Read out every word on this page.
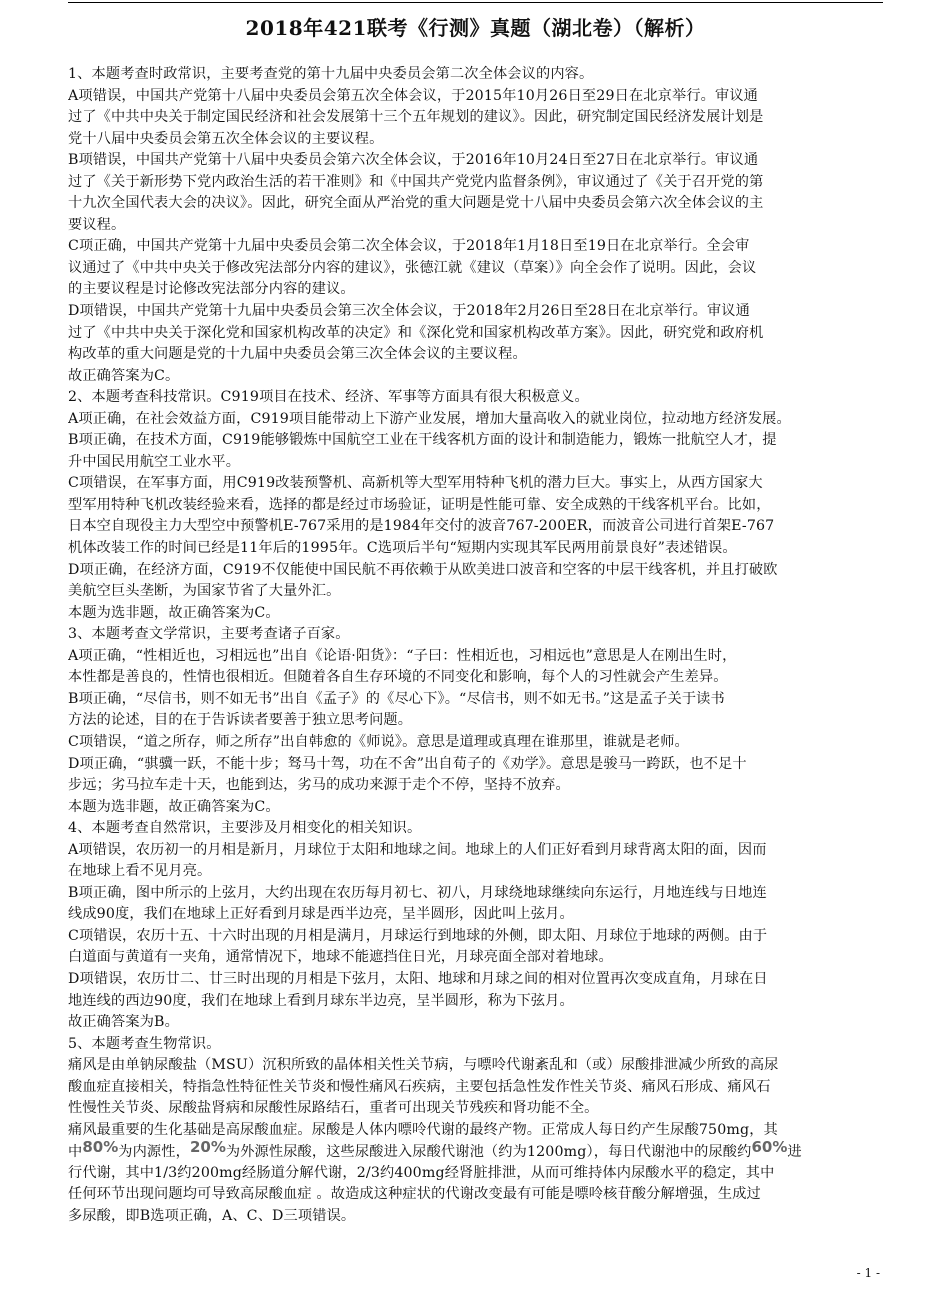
2018年421联考《行测》真题（湖北卷）（解析）
1、本题考查时政常识，主要考查党的第十九届中央委员会第二次全体会议的内容。
A项错误，中国共产党第十八届中央委员会第五次全体会议，于2015年10月26日至29日在北京举行。审议通
过了《中共中央关于制定国民经济和社会发展第十三个五年规划的建议》。因此，研究制定国民经济发展计划是
党十八届中央委员会第五次全体会议的主要议程。
B项错误，中国共产党第十八届中央委员会第六次全体会议，于2016年10月24日至27日在北京举行。审议通
过了《关于新形势下党内政治生活的若干准则》和《中国共产党党内监督条例》，审议通过了《关于召开党的第
十九次全国代表大会的决议》。因此，研究全面从严治党的重大问题是党十八届中央委员会第六次全体会议的主
要议程。
C项正确，中国共产党第十九届中央委员会第二次全体会议，于2018年1月18日至19日在北京举行。全会审
议通过了《中共中央关于修改宪法部分内容的建议》，张德江就《建议（草案）》向全会作了说明。因此，会议
的主要议程是讨论修改宪法部分内容的建议。
D项错误，中国共产党第十九届中央委员会第三次全体会议，于2018年2月26日至28日在北京举行。审议通
过了《中共中央关于深化党和国家机构改革的决定》和《深化党和国家机构改革方案》。因此，研究党和政府机
构改革的重大问题是党的十九届中央委员会第三次全体会议的主要议程。
故正确答案为C。
2、本题考查科技常识。C919项目在技术、经济、军事等方面具有很大积极意义。
A项正确，在社会效益方面，C919项目能带动上下游产业发展，增加大量高收入的就业岗位，拉动地方经济发展。
B项正确，在技术方面，C919能够锻炼中国航空工业在干线客机方面的设计和制造能力，锻炼一批航空人才，提
升中国民用航空工业水平。
C项错误，在军事方面，用C919改装预警机、高新机等大型军用特种飞机的潜力巨大。事实上，从西方国家大
型军用特种飞机改装经验来看，选择的都是经过市场验证，证明是性能可靠、安全成熟的干线客机平台。比如，
日本空自现役主力大型空中预警机E-767采用的是1984年交付的波音767-200ER，而波音公司进行首架E-767
机体改装工作的时间已经是11年后的1995年。C选项后半句“短期内实现其军民两用前景良好”表述错误。
D项正确，在经济方面，C919不仅能使中国民航不再依赖于从欧美进口波音和空客的中层干线客机，并且打破欧
美航空巨头垄断，为国家节省了大量外汇。
本题为选非题，故正确答案为C。
3、本题考查文学常识，主要考查诸子百家。
A项正确，“性相近也，习相远也”出自《论语·阳货》：“子曰：性相近也，习相远也”意思是人在刚出生时，
本性都是善良的，性情也很相近。但随着各自生存环境的不同变化和影响，每个人的习性就会产生差异。
B项正确，“尽信书，则不如无书”出自《孟子》的《尽心下》。“尽信书，则不如无书。”这是孟子关于读书
方法的论述，目的在于告诉读者要善于独立思考问题。
C项错误，“道之所存，师之所存”出自韩愈的《师说》。意思是道理或真理在谁那里，谁就是老师。
D项正确，“骐骥一跃，不能十步；驽马十驾，功在不舍”出自荀子的《劝学》。意思是骏马一跨跃，也不足十
步远；劣马拉车走十天，也能到达，劣马的成功来源于走个不停，坚持不放弃。
本题为选非题，故正确答案为C。
4、本题考查自然常识，主要涉及月相变化的相关知识。
A项错误，农历初一的月相是新月，月球位于太阳和地球之间。地球上的人们正好看到月球背离太阳的面，因而
在地球上看不见月亮。
B项正确，图中所示的上弦月，大约出现在农历每月初七、初八，月球绕地球继续向东运行，月地连线与日地连
线成90度，我们在地球上正好看到月球是西半边亮，呈半圆形，因此叫上弦月。
C项错误，农历十五、十六时出现的月相是满月，月球运行到地球的外侧，即太阳、月球位于地球的两侧。由于
白道面与黄道有一夹角，通常情况下，地球不能遮挡住日光，月球亮面全部对着地球。
D项错误，农历廿二、廿三时出现的月相是下弦月，太阳、地球和月球之间的相对位置再次变成直角，月球在日
地连线的西边90度，我们在地球上看到月球东半边亮，呈半圆形，称为下弦月。
故正确答案为B。
5、本题考查生物常识。
痛风是由单钠尿酸盐（MSU）沉积所致的晶体相关性关节病，与嘌呤代谢紊乱和（或）尿酸排泄减少所致的高尿
酸血症直接相关，特指急性特征性关节炎和慢性痛风石疾病，主要包括急性发作性关节炎、痛风石形成、痛风石
性慢性关节炎、尿酸盐肾病和尿酸性尿路结石，重者可出现关节残疾和肾功能不全。
痛风最重要的生化基础是高尿酸血症。尿酸是人体内嘌呤代谢的最终产物。正常成人每日约产生尿酸750mg，其
中80%为内源性，20%为外源性尿酸，这些尿酸进入尿酸代谢池（约为1200mg），每日代谢池中的尿酸约60%进
行代谢，其中1/3约200mg经肠道分解代谢，2/3约400mg经肾脏排泄，从而可维持体内尿酸水平的稳定，其中
任何环节出现问题均可导致高尿酸血症 。故造成这种症状的代谢改变最有可能是嘌呤核苷酸分解增强，生成过
多尿酸，即B选项正确，A、C、D三项错误。
- 1 -
